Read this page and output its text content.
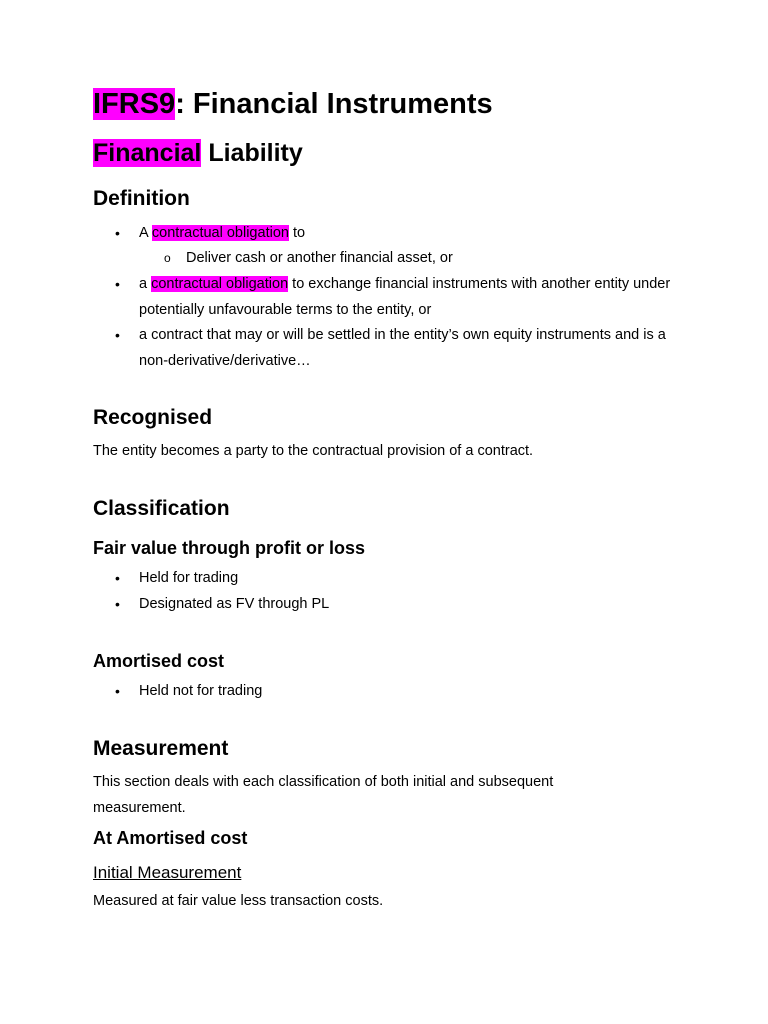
IFRS9: Financial Instruments
Financial Liability
Definition
• A contractual obligation to
o Deliver cash or another financial asset, or
• a contractual obligation to exchange financial instruments with another entity under potentially unfavourable terms to the entity, or
• a contract that may or will be settled in the entity’s own equity instruments and is a non-derivative/derivative…
Recognised
The entity becomes a party to the contractual provision of a contract.
Classification
Fair value through profit or loss
• Held for trading
• Designated as FV through PL
Amortised cost
• Held not for trading
Measurement
This section deals with each classification of both initial and subsequent measurement.
At Amortised cost
Initial Measurement
Measured at fair value less transaction costs.
